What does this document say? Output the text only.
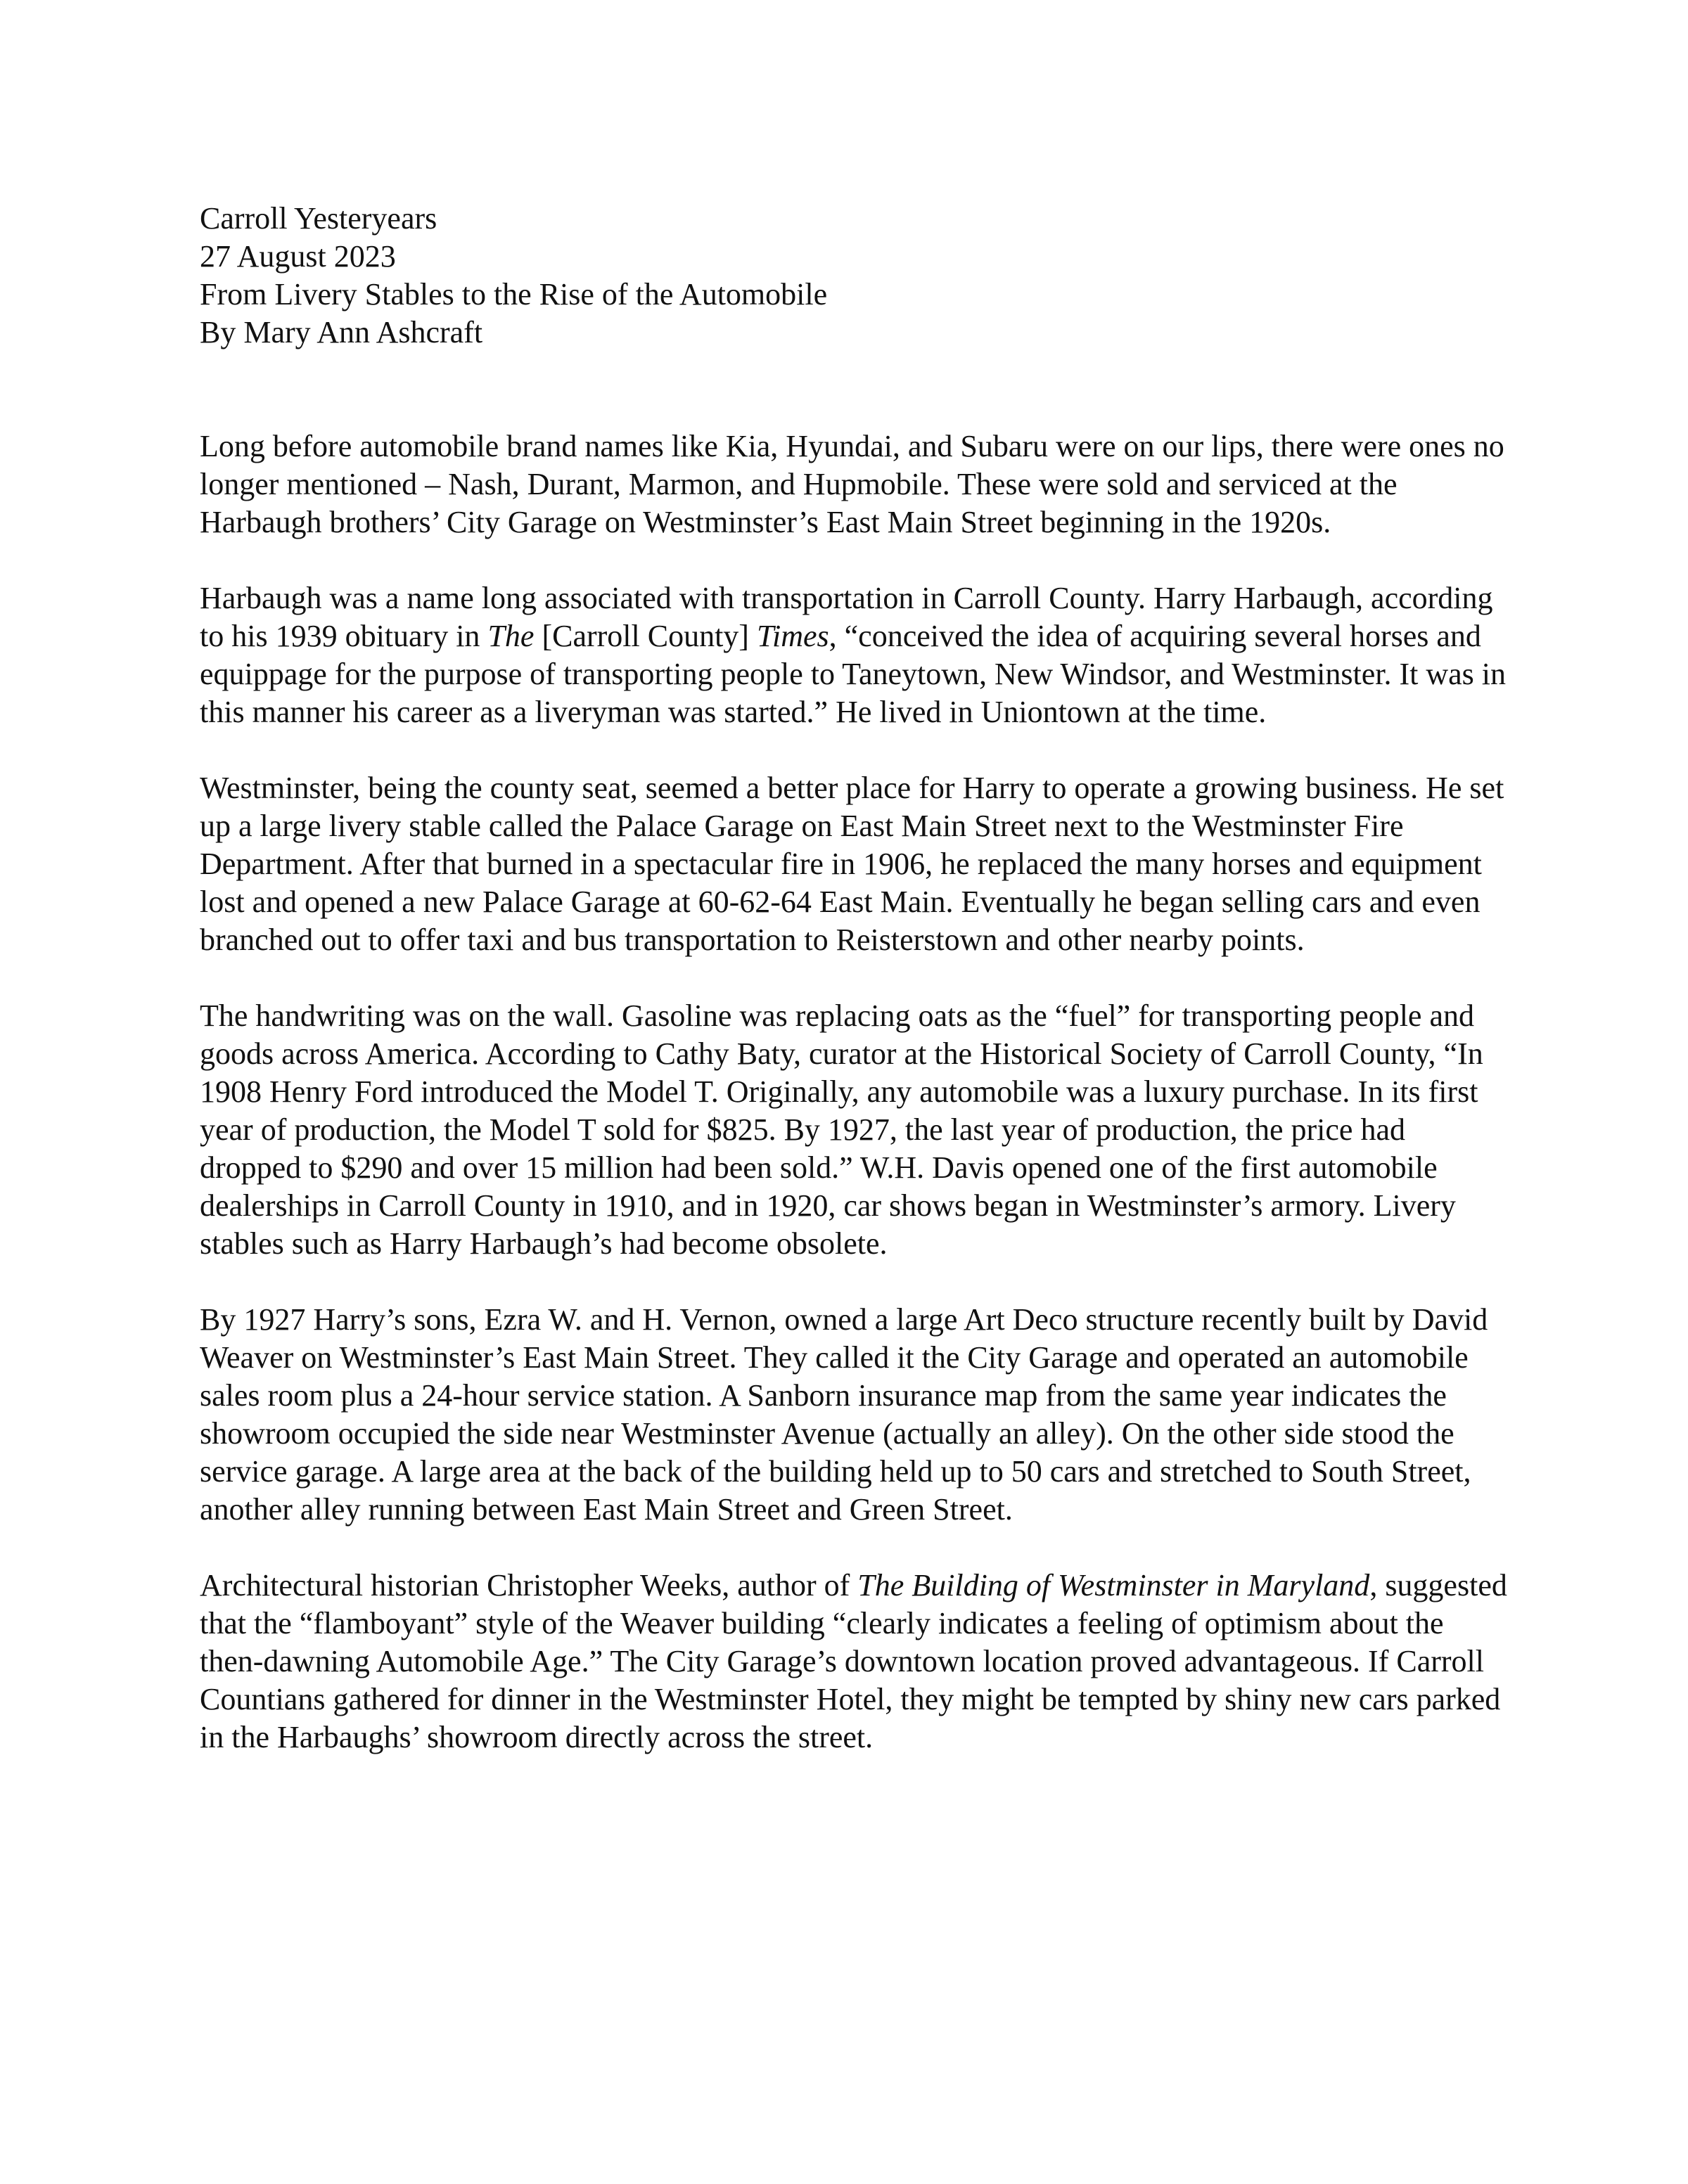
Carroll Yesteryears
27 August 2023
From Livery Stables to the Rise of the Automobile
By Mary Ann Ashcraft

Long before automobile brand names like Kia, Hyundai, and Subaru were on our lips, there were ones no longer mentioned – Nash, Durant, Marmon, and Hupmobile. These were sold and serviced at the Harbaugh brothers’ City Garage on Westminster’s East Main Street beginning in the 1920s.

Harbaugh was a name long associated with transportation in Carroll County. Harry Harbaugh, according to his 1939 obituary in The [Carroll County] Times, “conceived the idea of acquiring several horses and equippage for the purpose of transporting people to Taneytown, New Windsor, and Westminster. It was in this manner his career as a liveryman was started.” He lived in Uniontown at the time.

Westminster, being the county seat, seemed a better place for Harry to operate a growing business. He set up a large livery stable called the Palace Garage on East Main Street next to the Westminster Fire Department. After that burned in a spectacular fire in 1906, he replaced the many horses and equipment lost and opened a new Palace Garage at 60-62-64 East Main. Eventually he began selling cars and even branched out to offer taxi and bus transportation to Reisterstown and other nearby points.

The handwriting was on the wall. Gasoline was replacing oats as the “fuel” for transporting people and goods across America. According to Cathy Baty, curator at the Historical Society of Carroll County, “In 1908 Henry Ford introduced the Model T. Originally, any automobile was a luxury purchase. In its first year of production, the Model T sold for $825. By 1927, the last year of production, the price had dropped to $290 and over 15 million had been sold.” W.H. Davis opened one of the first automobile dealerships in Carroll County in 1910, and in 1920, car shows began in Westminster’s armory. Livery stables such as Harry Harbaugh’s had become obsolete.

By 1927 Harry’s sons, Ezra W. and H. Vernon, owned a large Art Deco structure recently built by David Weaver on Westminster’s East Main Street. They called it the City Garage and operated an automobile sales room plus a 24-hour service station. A Sanborn insurance map from the same year indicates the showroom occupied the side near Westminster Avenue (actually an alley). On the other side stood the service garage. A large area at the back of the building held up to 50 cars and stretched to South Street, another alley running between East Main Street and Green Street.

Architectural historian Christopher Weeks, author of The Building of Westminster in Maryland, suggested that the “flamboyant” style of the Weaver building “clearly indicates a feeling of optimism about the then-dawning Automobile Age.” The City Garage’s downtown location proved advantageous. If Carroll Countians gathered for dinner in the Westminster Hotel, they might be tempted by shiny new cars parked in the Harbaughs’ showroom directly across the street.
